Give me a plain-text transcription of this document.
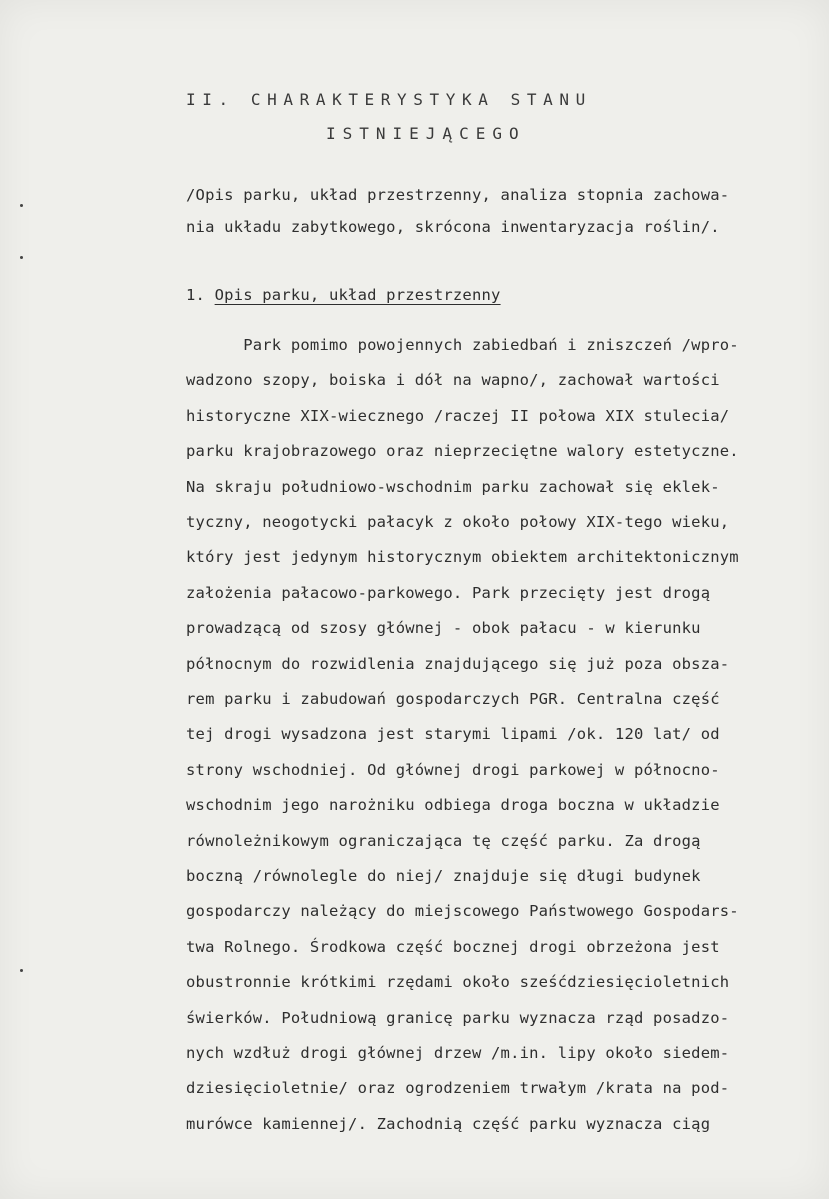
II. CHARAKTERYSTYKA STANU
ISTNIEJĄCEGO
/Opis parku, układ przestrzenny, analiza stopnia zachowa-
nia układu zabytkowego, skrócona inwentaryzacja roślin/.
1. Opis parku, układ przestrzenny
Park pomimo powojennych zabiedbań i zniszczeń /wpro-
wadzono szopy, boiska i dół na wapno/, zachował wartości
historyczne XIX-wiecznego /raczej II połowa XIX stulecia/
parku krajobrazowego oraz nieprzeciętne walory estetyczne.
Na skraju południowo-wschodnim parku zachował się eklek-
tyczny, neogotycki pałacyk z około połowy XIX-tego wieku,
który jest jedynym historycznym obiektem architektonicznym
założenia pałacowo-parkowego. Park przecięty jest drogą
prowadzącą od szosy głównej - obok pałacu - w kierunku
północnym do rozwidlenia znajdującego się już poza obsza-
rem parku i zabudowań gospodarczych PGR. Centralna część
tej drogi wysadzona jest starymi lipami /ok. 120 lat/ od
strony wschodniej. Od głównej drogi parkowej w północno-
wschodnim jego narożniku odbiega droga boczna w układzie
równoleżnikowym ograniczająca tę część parku. Za drogą
boczną /równolegle do niej/ znajduje się długi budynek
gospodarczy należący do miejscowego Państwowego Gospodars-
twa Rolnego. Środkowa część bocznej drogi obrzeżona jest
obustronnie krótkimi rzędami około sześćdziesięcioletnich
świerków. Południową granicę parku wyznacza rząd posadzo-
nych wzdłuż drogi głównej drzew /m.in. lipy około siedem-
dziesięcioletnie/ oraz ogrodzeniem trwałym /krata na pod-
murówce kamiennej/. Zachodnią część parku wyznacza ciąg
